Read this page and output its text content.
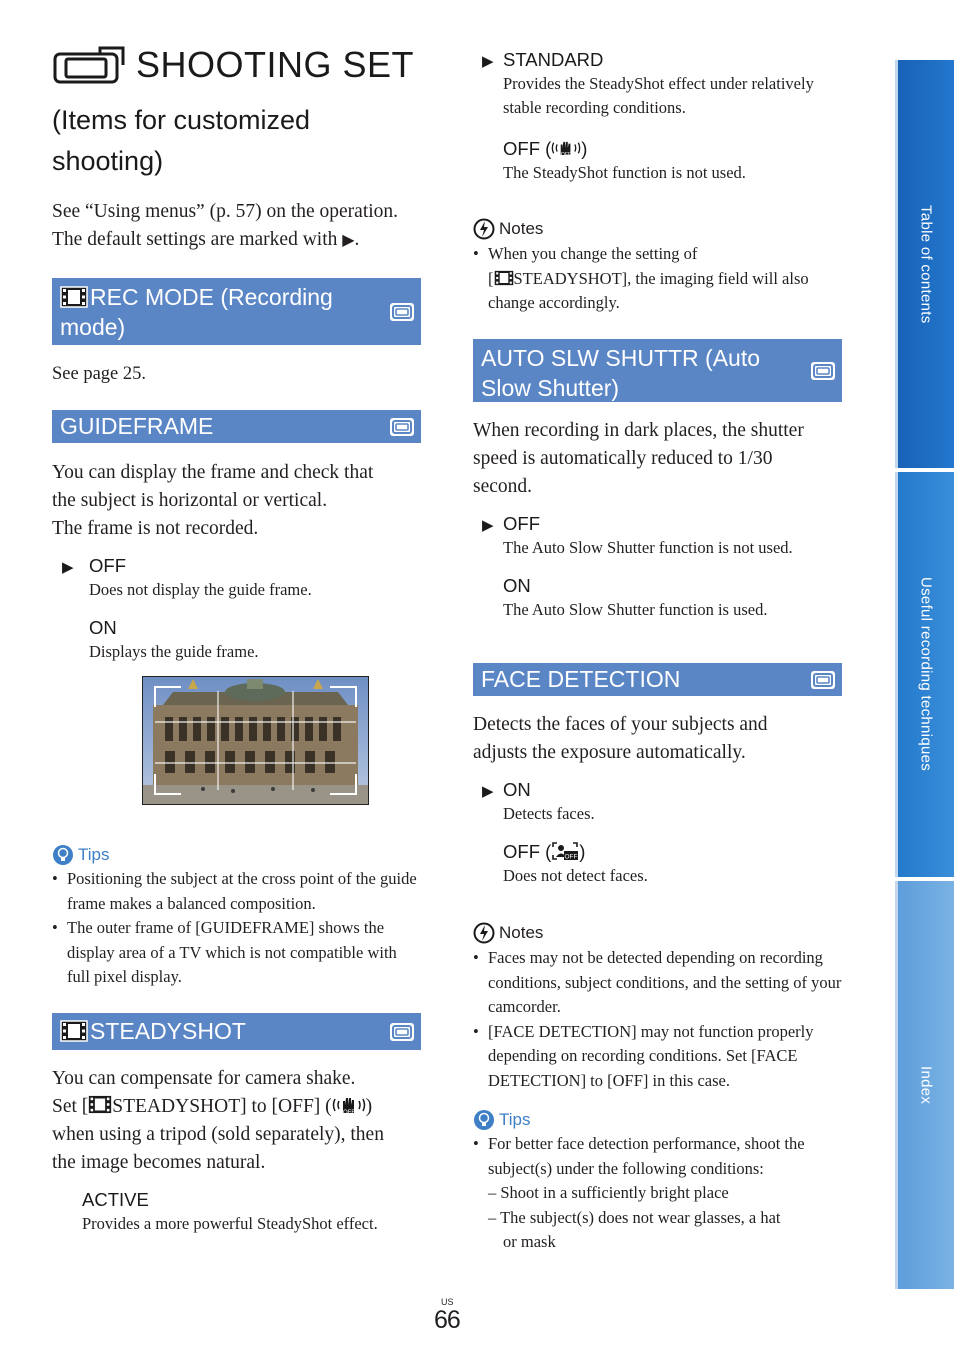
SHOOTING SET
(Items for customized shooting)
See “Using menus” (p. 57) on the operation.
The default settings are marked with ▶.
REC MODE (Recording mode)
See page 25.
GUIDEFRAME
You can display the frame and check that
the subject is horizontal or vertical.
The frame is not recorded.
▶ OFF
Does not display the guide frame.
ON
Displays the guide frame.
Tips
• Positioning the subject at the cross point of the guide frame makes a balanced composition.
• The outer frame of [GUIDEFRAME] shows the display area of a TV which is not compatible with full pixel display.
STEADYSHOT
You can compensate for camera shake.
Set [ STEADYSHOT] to [OFF] ( OFF )
when using a tripod (sold separately), then
the image becomes natural.
ACTIVE
Provides a more powerful SteadyShot effect.
▶ STANDARD
Provides the SteadyShot effect under relatively stable recording conditions.
OFF ( OFF )
The SteadyShot function is not used.
Notes
• When you change the setting of
[ STEADYSHOT], the imaging field will also
change accordingly.
AUTO SLW SHUTTR (Auto Slow Shutter)
When recording in dark places, the shutter
speed is automatically reduced to 1/30
second.
▶ OFF
The Auto Slow Shutter function is not used.
ON
The Auto Slow Shutter function is used.
FACE DETECTION
Detects the faces of your subjects and
adjusts the exposure automatically.
▶ ON
Detects faces.
OFF ( OFF )
Does not detect faces.
Notes
• Faces may not be detected depending on recording conditions, subject conditions, and the setting of your camcorder.
• [FACE DETECTION] may not function properly depending on recording conditions. Set [FACE DETECTION] to [OFF] in this case.
Tips
• For better face detection performance, shoot the subject(s) under the following conditions:
– Shoot in a sufficiently bright place
– The subject(s) does not wear glasses, a hat
or mask
Table of contents
Useful recording techniques
Index
US
66
